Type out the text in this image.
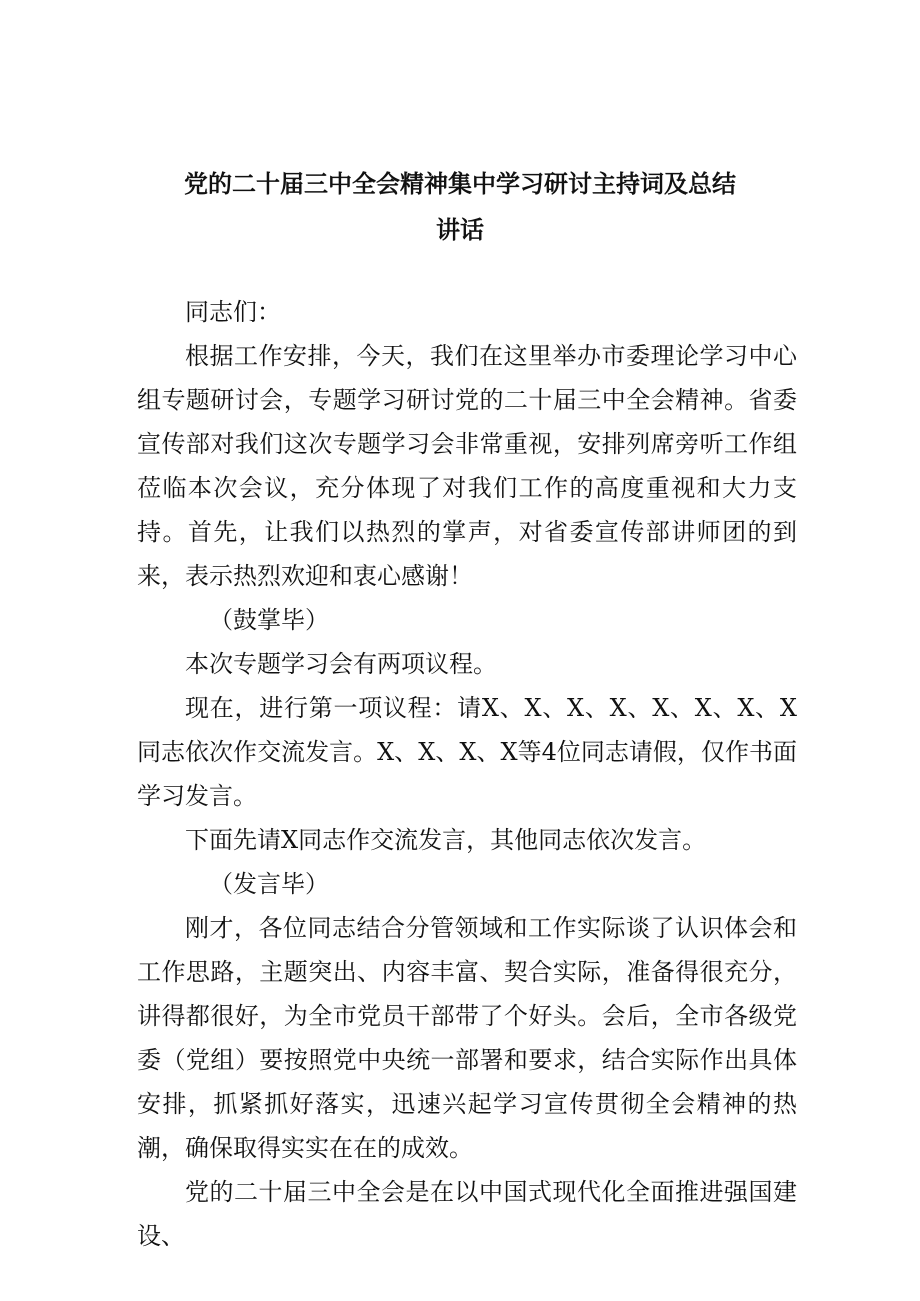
党的二十届三中全会精神集中学习研讨主持词及总结
讲话

同志们：

根据工作安排，今天，我们在这里举办市委理论学习中心组专题研讨会，专题学习研讨党的二十届三中全会精神。省委宣传部对我们这次专题学习会非常重视，安排列席旁听工作组莅临本次会议，充分体现了对我们工作的高度重视和大力支持。首先，让我们以热烈的掌声，对省委宣传部讲师团的到来，表示热烈欢迎和衷心感谢！

（鼓掌毕）

本次专题学习会有两项议程。

现在，进行第一项议程：请X、X、X、X、X、X、X、X同志依次作交流发言。X、X、X、X等4位同志请假，仅作书面学习发言。

下面先请X同志作交流发言，其他同志依次发言。

（发言毕）

刚才，各位同志结合分管领域和工作实际谈了认识体会和工作思路，主题突出、内容丰富、契合实际，准备得很充分，讲得都很好，为全市党员干部带了个好头。会后，全市各级党委（党组）要按照党中央统一部署和要求，结合实际作出具体安排，抓紧抓好落实，迅速兴起学习宣传贯彻全会精神的热潮，确保取得实实在在的成效。

党的二十届三中全会是在以中国式现代化全面推进强国建设、
